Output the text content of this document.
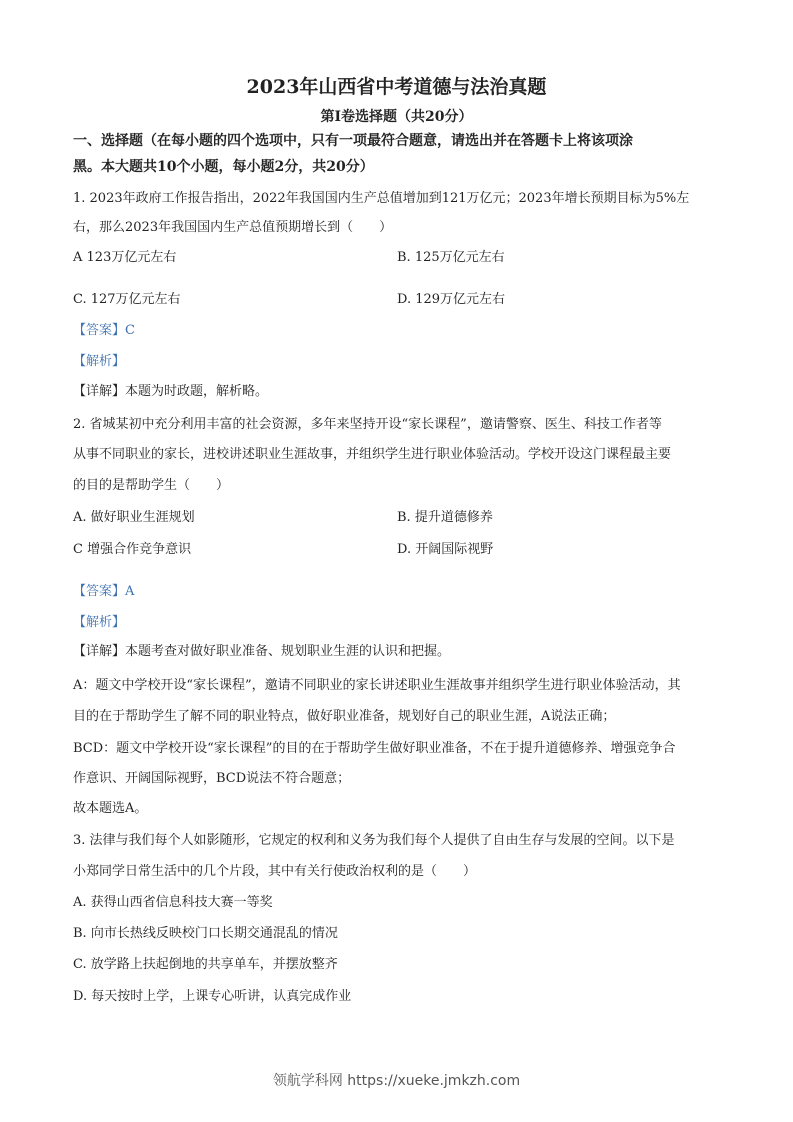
2023年山西省中考道德与法治真题
第Ⅰ卷选择题（共20分）
一、选择题（在每小题的四个选项中，只有一项最符合题意，请选出并在答题卡上将该项涂
黑。本大题共10个小题，每小题2分，共20分）
1. 2023年政府工作报告指出，2022年我国国内生产总值增加到121万亿元；2023年增长预期目标为5%左
右，那么2023年我国国内生产总值预期增长到（　　）
A 123万亿元左右	B. 125万亿元左右
C. 127万亿元左右	D. 129万亿元左右
【答案】C
【解析】
【详解】本题为时政题，解析略。
2. 省城某初中充分利用丰富的社会资源，多年来坚持开设“家长课程”，邀请警察、医生、科技工作者等
从事不同职业的家长，进校讲述职业生涯故事，并组织学生进行职业体验活动。学校开设这门课程最主要
的目的是帮助学生（　　）
A. 做好职业生涯规划	B. 提升道德修养
C 增强合作竞争意识	D. 开阔国际视野
【答案】A
【解析】
【详解】本题考查对做好职业准备、规划职业生涯的认识和把握。
A：题文中学校开设“家长课程”，邀请不同职业的家长讲述职业生涯故事并组织学生进行职业体验活动，其
目的在于帮助学生了解不同的职业特点，做好职业准备，规划好自己的职业生涯，A说法正确；
BCD：题文中学校开设“家长课程”的目的在于帮助学生做好职业准备，不在于提升道德修养、增强竞争合
作意识、开阔国际视野，BCD说法不符合题意；
故本题选A。
3. 法律与我们每个人如影随形，它规定的权利和义务为我们每个人提供了自由生存与发展的空间。以下是
小郑同学日常生活中的几个片段，其中有关行使政治权利的是（　　）
A. 获得山西省信息科技大赛一等奖
B. 向市长热线反映校门口长期交通混乱的情况
C. 放学路上扶起倒地的共享单车，并摆放整齐
D. 每天按时上学，上课专心听讲，认真完成作业
领航学科网 https://xueke.jmkzh.com
